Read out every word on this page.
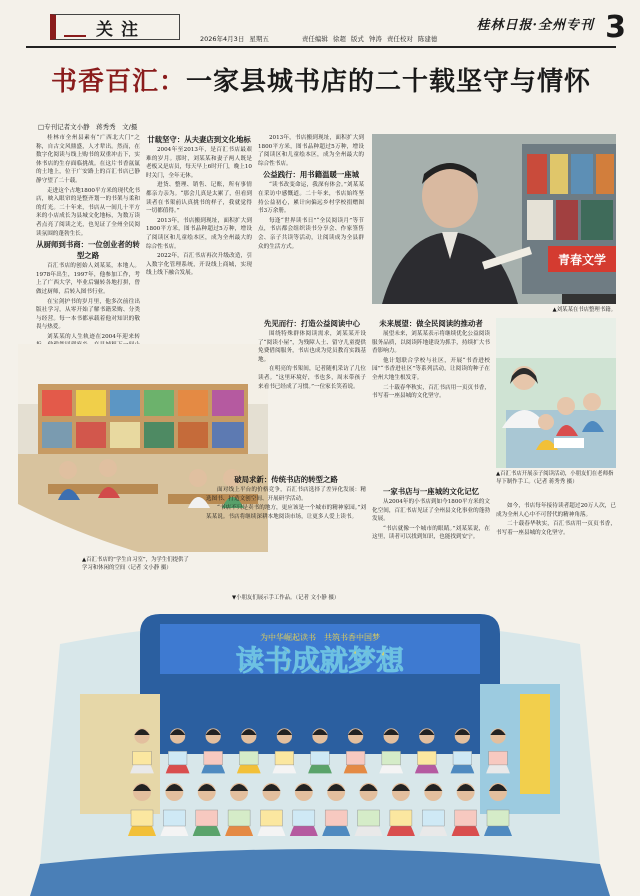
关注	桂林日报·全州专刊 3
2026年4月3日 星期五	责任编辑 徐超 版式 钟涛 责任校对 陈建德
书香百汇：一家县城书店的二十载坚守与情怀
□专刊记者文小静　蒋秀秀　文/摄

桂林市全州县素有“广西北大门”之称，自古文风鼎盛，人才辈出。然而，在数字化阅读与线上购书的双重冲击下，实体书店的生存面临挑战。在这片书香氤氲的土地上，位于广安路上的百汇书店已静静守望了二十载。

走进这个占地1800平方米的现代化书店，映入眼帘的是整齐划一的书架与柔和的灯光。二十年来，书店从一间几十平方米的小店成长为县城文化地标，为数万读者点亮了阅读之光，也见证了全州全民阅读氛围的蓬勃生长。

从厨师到书商：一位创业者的转型之路

百汇书店的创始人刘某某，本地人。1978年出生，1997年，他参加工作，考上了广西大学，毕业后辗转各地打拼，曾做过厨师，后转入图书行业。

在宝剑护书的岁月里，他多次前往出版社学习，从零开始了解书籍采购、分类与经营。每一本书都承载着他对知识的敬畏与热爱。

刘某某的人生轨迹在2004年迎来转

廿载坚守：从夫妻店到文化地标

2004年至2013年，是百汇书店最艰难的岁月。那时，刘某某和妻子两人既是老板又是店员，每天早上6时开门，晚上10时关门，全年无休。

进货、整理、销售、记账，所有事情都亲力亲为。“那会儿真是太累了，但看到读者在书架前认真挑书的样子，我就觉得一切都值得。”

2013年，书店搬到现址，面积扩大到1800平方米，图书品种超过5万种，增设了阅读区和儿童绘本区，成为全州最大的综合性书店。

2022年，百汇书店再次升级改造，引入数字化管理系统，开设线上商城，实现线上线下融合发展。

2013年，书店搬到现址，面积扩大到1800平方米，图书品种超过5万种，增设了阅读区和儿童绘本区，成为全州最大的综合性书店。

公益践行：用书籍温暖一座城

“读书改变命运，我深有体会。”刘某某在采访中感慨道。二十年来，书店始终坚持公益初心，累计向偏远乡村学校捐赠图书3万余册。

每逢“世界读书日”“全民阅读月”等节点，书店都会组织读书分享会、作家签售会、亲子共读等活动，让阅读成为全县群众的生活方式。

青春文学
▲刘某某在书店整理书籍。

未来展望：做全民阅读的推动者

展望未来，刘某某表示将继续优化公益阅读服务品质，以阅读阵地建设为抓手，持续扩大书香影响力。

他计划联合学校与社区，开展“书香进校园”“书香进社区”等系列活动，让阅读的种子在全州大地生根发芽。

二十载春华秋实，百汇书店用一页页书香，书写着一座县城的文化坚守。

▲百汇书店开展亲子阅读活动，小朋友们在老师指导下制作手工。（记者 蒋秀秀 摄）

一家书店与一座城的文化记忆

从2004年的小书店到如今1800平方米的文化空间，百汇书店见证了全州县文化事业的蓬勃发展。

“书店就像一个城市的眼睛。”刘某某说，在这里，读者可以找到知识，也能找到安宁。

如今，书店每年接待读者超过20万人次，已成为全州人心中不可替代的精神角落。

二十载春华秋实，百汇书店用一页页书香，书写着一座县城的文化坚守。

▲百汇书店的“学生自习室”，为学生们提供了学习和休闲的空间（记者 文小静 摄）

先见而行：打造公益阅读中心

围绕特殊群体阅读需求，刘某某开设了“阅读小屋”，为残障人士、留守儿童提供免费借阅服务，书店也成为党员教育实践基地。

在明亮的书架间，记者随机采访了几位读者。“这里环境好，书也多，周末带孩子来看书已经成了习惯。”一位家长笑着说。

破局求新：传统书店的转型之路

面对线上平台的价格竞争，百汇书店选择了差异化发展：精选图书、打造文创空间、开展研学活动。

“书店不只是卖书的地方，更应该是一个城市的精神家园。”刘某某说。书店将继续深耕本地阅读市场，让更多人爱上读书。

▼小朋友们展示手工作品。（记者 文小静 摄）
为中华崛起读书　共筑书香中国梦
读书成就梦想
